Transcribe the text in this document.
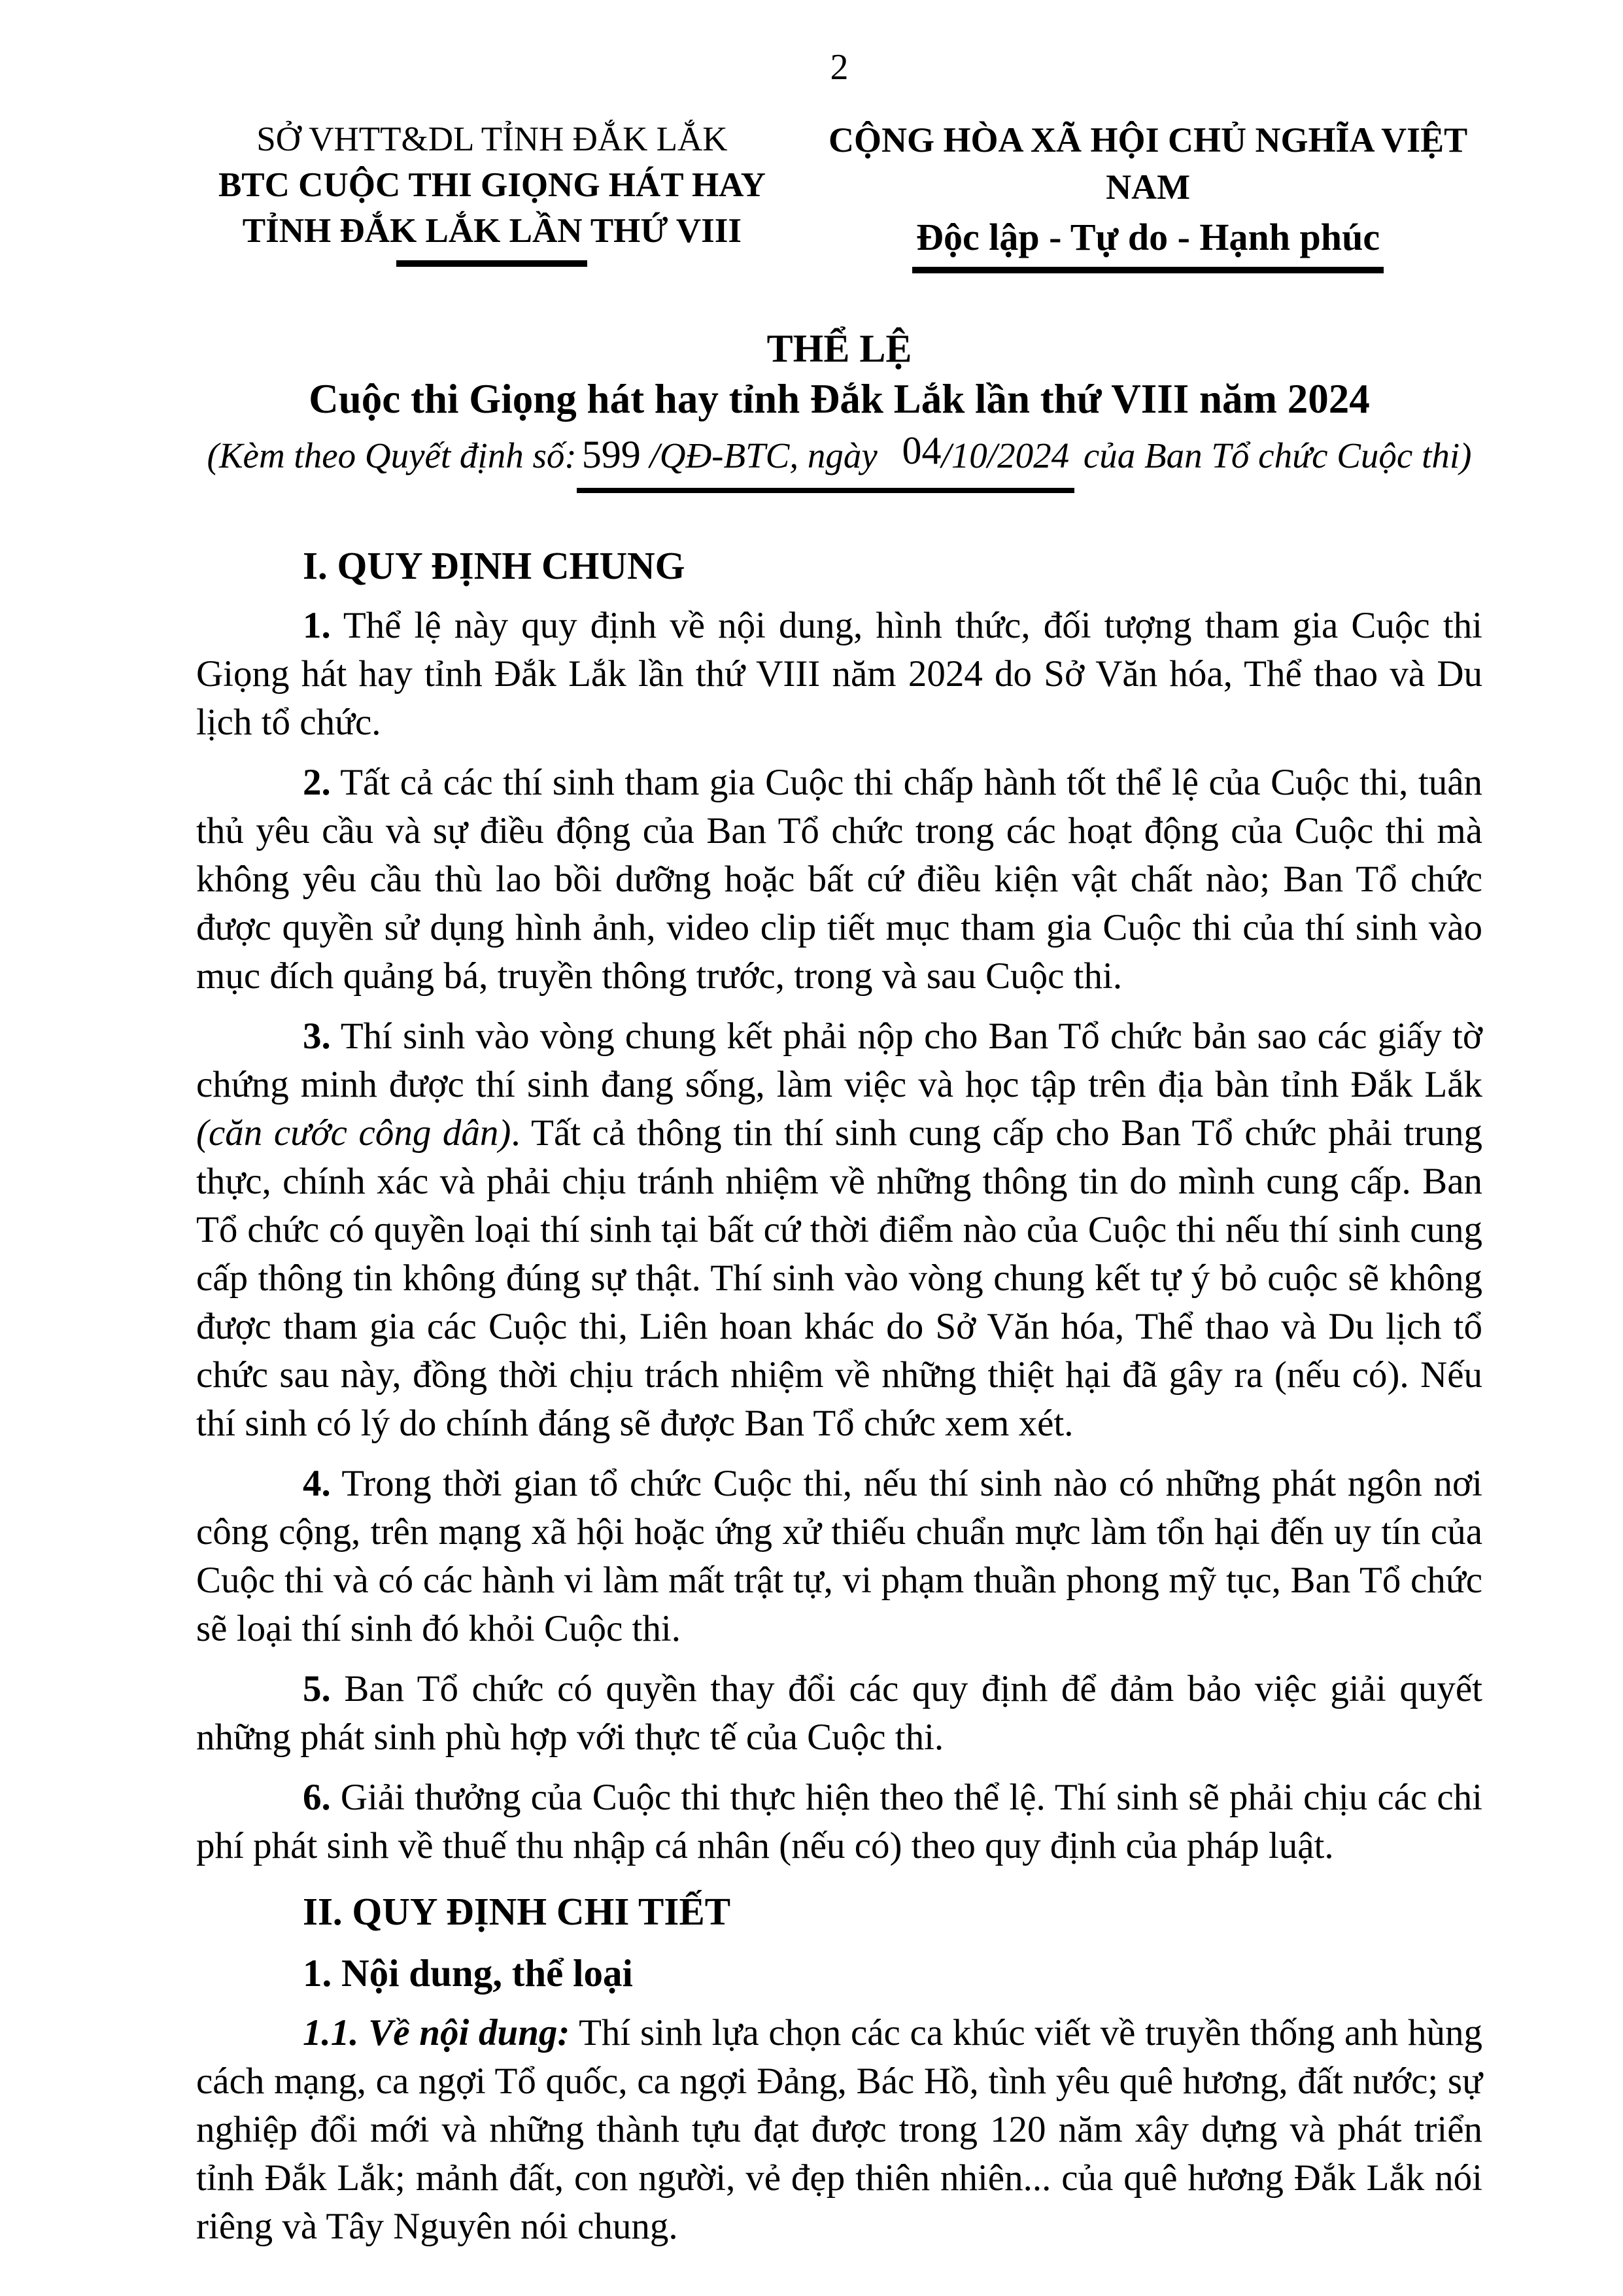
2
SỞ VHTT&DL TỈNH ĐẮK LẮK
BTC CUỘC THI GIỌNG HÁT HAY
TỈNH ĐẮK LẮK LẦN THỨ VIII
CỘNG HÒA XÃ HỘI CHỦ NGHĨA VIỆT NAM
Độc lập - Tự do - Hạnh phúc
THỂ LỆ
Cuộc thi Giọng hát hay tỉnh Đắk Lắk lần thứ VIII năm 2024
(Kèm theo Quyết định số: 599 /QĐ-BTC, ngày 04/10/2024 của Ban Tổ chức Cuộc thi)
I. QUY ĐỊNH CHUNG

1. Thể lệ này quy định về nội dung, hình thức, đối tượng tham gia Cuộc thi Giọng hát hay tỉnh Đắk Lắk lần thứ VIII năm 2024 do Sở Văn hóa, Thể thao và Du lịch tổ chức.

2. Tất cả các thí sinh tham gia Cuộc thi chấp hành tốt thể lệ của Cuộc thi, tuân thủ yêu cầu và sự điều động của Ban Tổ chức trong các hoạt động của Cuộc thi mà không yêu cầu thù lao bồi dưỡng hoặc bất cứ điều kiện vật chất nào; Ban Tổ chức được quyền sử dụng hình ảnh, video clip tiết mục tham gia Cuộc thi của thí sinh vào mục đích quảng bá, truyền thông trước, trong và sau Cuộc thi.

3. Thí sinh vào vòng chung kết phải nộp cho Ban Tổ chức bản sao các giấy tờ chứng minh được thí sinh đang sống, làm việc và học tập trên địa bàn tỉnh Đắk Lắk (căn cước công dân). Tất cả thông tin thí sinh cung cấp cho Ban Tổ chức phải trung thực, chính xác và phải chịu tránh nhiệm về những thông tin do mình cung cấp. Ban Tổ chức có quyền loại thí sinh tại bất cứ thời điểm nào của Cuộc thi nếu thí sinh cung cấp thông tin không đúng sự thật. Thí sinh vào vòng chung kết tự ý bỏ cuộc sẽ không được tham gia các Cuộc thi, Liên hoan khác do Sở Văn hóa, Thể thao và Du lịch tổ chức sau này, đồng thời chịu trách nhiệm về những thiệt hại đã gây ra (nếu có). Nếu thí sinh có lý do chính đáng sẽ được Ban Tổ chức xem xét.

4. Trong thời gian tổ chức Cuộc thi, nếu thí sinh nào có những phát ngôn nơi công cộng, trên mạng xã hội hoặc ứng xử thiếu chuẩn mực làm tổn hại đến uy tín của Cuộc thi và có các hành vi làm mất trật tự, vi phạm thuần phong mỹ tục, Ban Tổ chức sẽ loại thí sinh đó khỏi Cuộc thi.

5. Ban Tổ chức có quyền thay đổi các quy định để đảm bảo việc giải quyết những phát sinh phù hợp với thực tế của Cuộc thi.

6. Giải thưởng của Cuộc thi thực hiện theo thể lệ. Thí sinh sẽ phải chịu các chi phí phát sinh về thuế thu nhập cá nhân (nếu có) theo quy định của pháp luật.

II. QUY ĐỊNH CHI TIẾT
1. Nội dung, thể loại

1.1. Về nội dung: Thí sinh lựa chọn các ca khúc viết về truyền thống anh hùng cách mạng, ca ngợi Tổ quốc, ca ngợi Đảng, Bác Hồ, tình yêu quê hương, đất nước; sự nghiệp đổi mới và những thành tựu đạt được trong 120 năm xây dựng và phát triển tỉnh Đắk Lắk; mảnh đất, con người, vẻ đẹp thiên nhiên... của quê hương Đắk Lắk nói riêng và Tây Nguyên nói chung.
